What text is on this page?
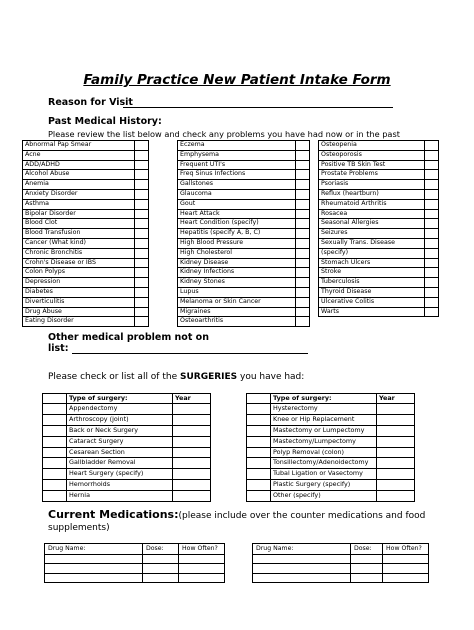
Family Practice New Patient Intake Form
Reason for Visit
Past Medical History:
Please review the list below and check any problems you have had now or in the past
Abnormal Pap Smear	
Acne	
ADD/ADHD	
Alcohol Abuse	
Anemia	
Anxiety Disorder	
Asthma	
Bipolar Disorder	
Blood Clot	
Blood Transfusion	
Cancer (What kind)	
Chronic Bronchitis	
Crohn's Disease or IBS	
Colon Polyps	
Depression	
Diabetes	
Diverticulitis	
Drug Abuse	
Eating Disorder	
Eczema	
Emphysema	
Frequent UTI's	
Freq Sinus Infections	
Gallstones	
Glaucoma	
Gout	
Heart Attack	
Heart Condition (specify)	
Hepatitis (specify A, B, C)	
High Blood Pressure	
High Cholesterol	
Kidney Disease	
Kidney Infections	
Kidney Stones	
Lupus	
Melanoma or Skin Cancer	
Migraines	
Osteoarthritis	
Osteopenia	
Osteoporosis	
Positive TB Skin Test	
Prostate Problems	
Psoriasis	
Reflux (heartburn)	
Rheumatoid Arthritis	
Rosacea	
Seasonal Allergies	
Seizures	
Sexually Trans. Disease	
(specify)	
Stomach Ulcers	
Stroke	
Tuberculosis	
Thyroid Disease	
Ulcerative Colitis	
Warts	
Other medical problem not on
list:
Please check or list all of the SURGERIES you have had:
	Type of surgery:	Year
	Appendectomy	
	Arthroscopy (joint)	
	Back or Neck Surgery	
	Cataract Surgery	
	Cesarean Section	
	Gallbladder Removal	
	Heart Surgery (specify)	
	Hemorrhoids	
	Hernia	
	Type of surgery:	Year
	Hysterectomy	
	Knee or Hip Replacement	
	Mastectomy or Lumpectomy	
	Mastectomy/Lumpectomy	
	Polyp Removal (colon)	
	Tonsillectomy/Adenoidectomy	
	Tubal Ligation or Vasectomy	
	Plastic Surgery (specify)	
	Other (specify)	
Current Medications:(please include over the counter medications and food
supplements)
Drug Name:	Dose:	How Often?

			Drug Name:	Dose:	How Often?
